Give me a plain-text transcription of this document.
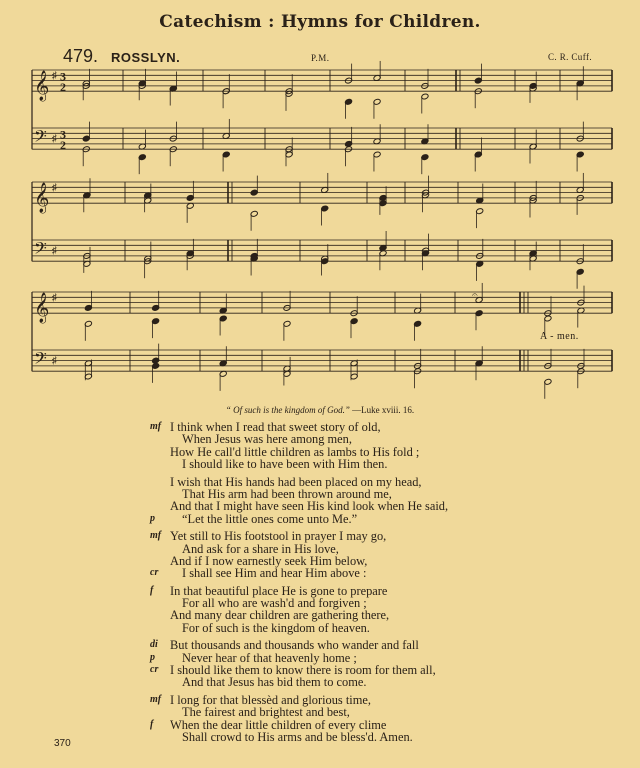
Catechism : Hymns for Children.
479. ROSSLYN.	P.M.	C. R. Cuff.
𝄞 ♯ 3
2
𝄢 ♯ 3
2
𝄞 ♯
𝄢 ♯
𝄞 ♯
𝄢 ♯
𝄐
A - men.
“ Of such is the kingdom of God.” —Luke xviii. 16.
mf I think when I read that sweet story of old,
When Jesus was here among men,
How He call'd little children as lambs to His fold ;
I should like to have been with Him then.
I wish that His hands had been placed on my head,
That His arm had been thrown around me,
And that I might have seen His kind look when He said,
p	“Let the little ones come unto Me.”
mf Yet still to His footstool in prayer I may go,
And ask for a share in His love,
And if I now earnestly seek Him below,
cr	I shall see Him and hear Him above :
f	In that beautiful place He is gone to prepare
For all who are wash'd and forgiven ;
And many dear children are gathering there,
For of such is the kingdom of heaven.
di But thousands and thousands who wander and fall
p	Never hear of that heavenly home ;
cr I should like them to know there is room for them all,
And that Jesus has bid them to come.
mf I long for that blessèd and glorious time,
The fairest and brightest and best,
f	When the dear little children of every clime
Shall crowd to His arms and be bless'd. Amen.
370
